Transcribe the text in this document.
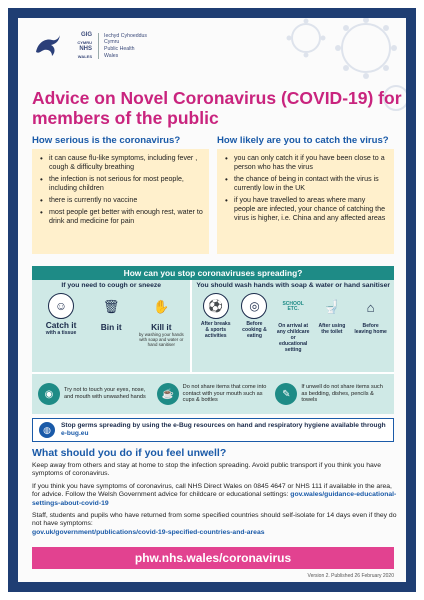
GIG
CYMRU
NHS
WALES
Iechyd Cyhoeddus
Cymru
Public Health
Wales
Advice on Novel Coronavirus (COVID-19) for members of the public
How serious is the coronavirus?
• it can cause flu-like symptoms, including fever , cough & difficulty breathing
• the infection is not serious for most people, including children
• there is currently no vaccine
• most people get better with enough rest, water to drink and medicine for pain
How likely are you to catch the virus?
• you can only catch it if you have been close to a person who has the virus
• the chance of being in contact with the virus is currently low in the UK
• if you have travelled to areas where many people are infected, your chance of catching the virus is higher, i.e. China and any affected areas
How can you stop coronaviruses spreading?
If you need to cough or sneeze
☺
Catch it
with a tissue
🗑
Bin it
✋
Kill it
by washing your hands with soap and water or hand sanitiser
You should wash hands with soap & water or hand sanitiser
⚽
After breaks & sports activities
◎
Before cooking & eating
SCHOOL ETC.
On arrival at any childcare or educational setting
🚽
After using the toilet
⌂
Before leaving home
◉	Try not to touch your eyes, nose, and mouth with unwashed hands	☕
Do not share items that come into contact with your mouth such as cups & bottles
✎
If unwell do not share items such as bedding, dishes, pencils & towels
◍	Stop germs spreading by using the e-Bug resources on hand and respiratory hygiene available through e-bug.eu
What should you do if you feel unwell?

Keep away from others and stay at home to stop the infection spreading. Avoid public transport if you think you have symptoms of coronavirus.

If you think you have symptoms of coronavirus, call NHS Direct Wales on 0845 4647 or NHS 111 if available in the area, for advice. Follow the Welsh Government advice for childcare or educational settings: gov.wales/guidance-educational-settings-about-covid-19

Staff, students and pupils who have returned from some specified countries should self-isolate for 14 days even if they do not have symptoms:
gov.uk/government/publications/covid-19-specified-countries-and-areas

phw.nhs.wales/coronavirus
Version 2. Published 26 February 2020
